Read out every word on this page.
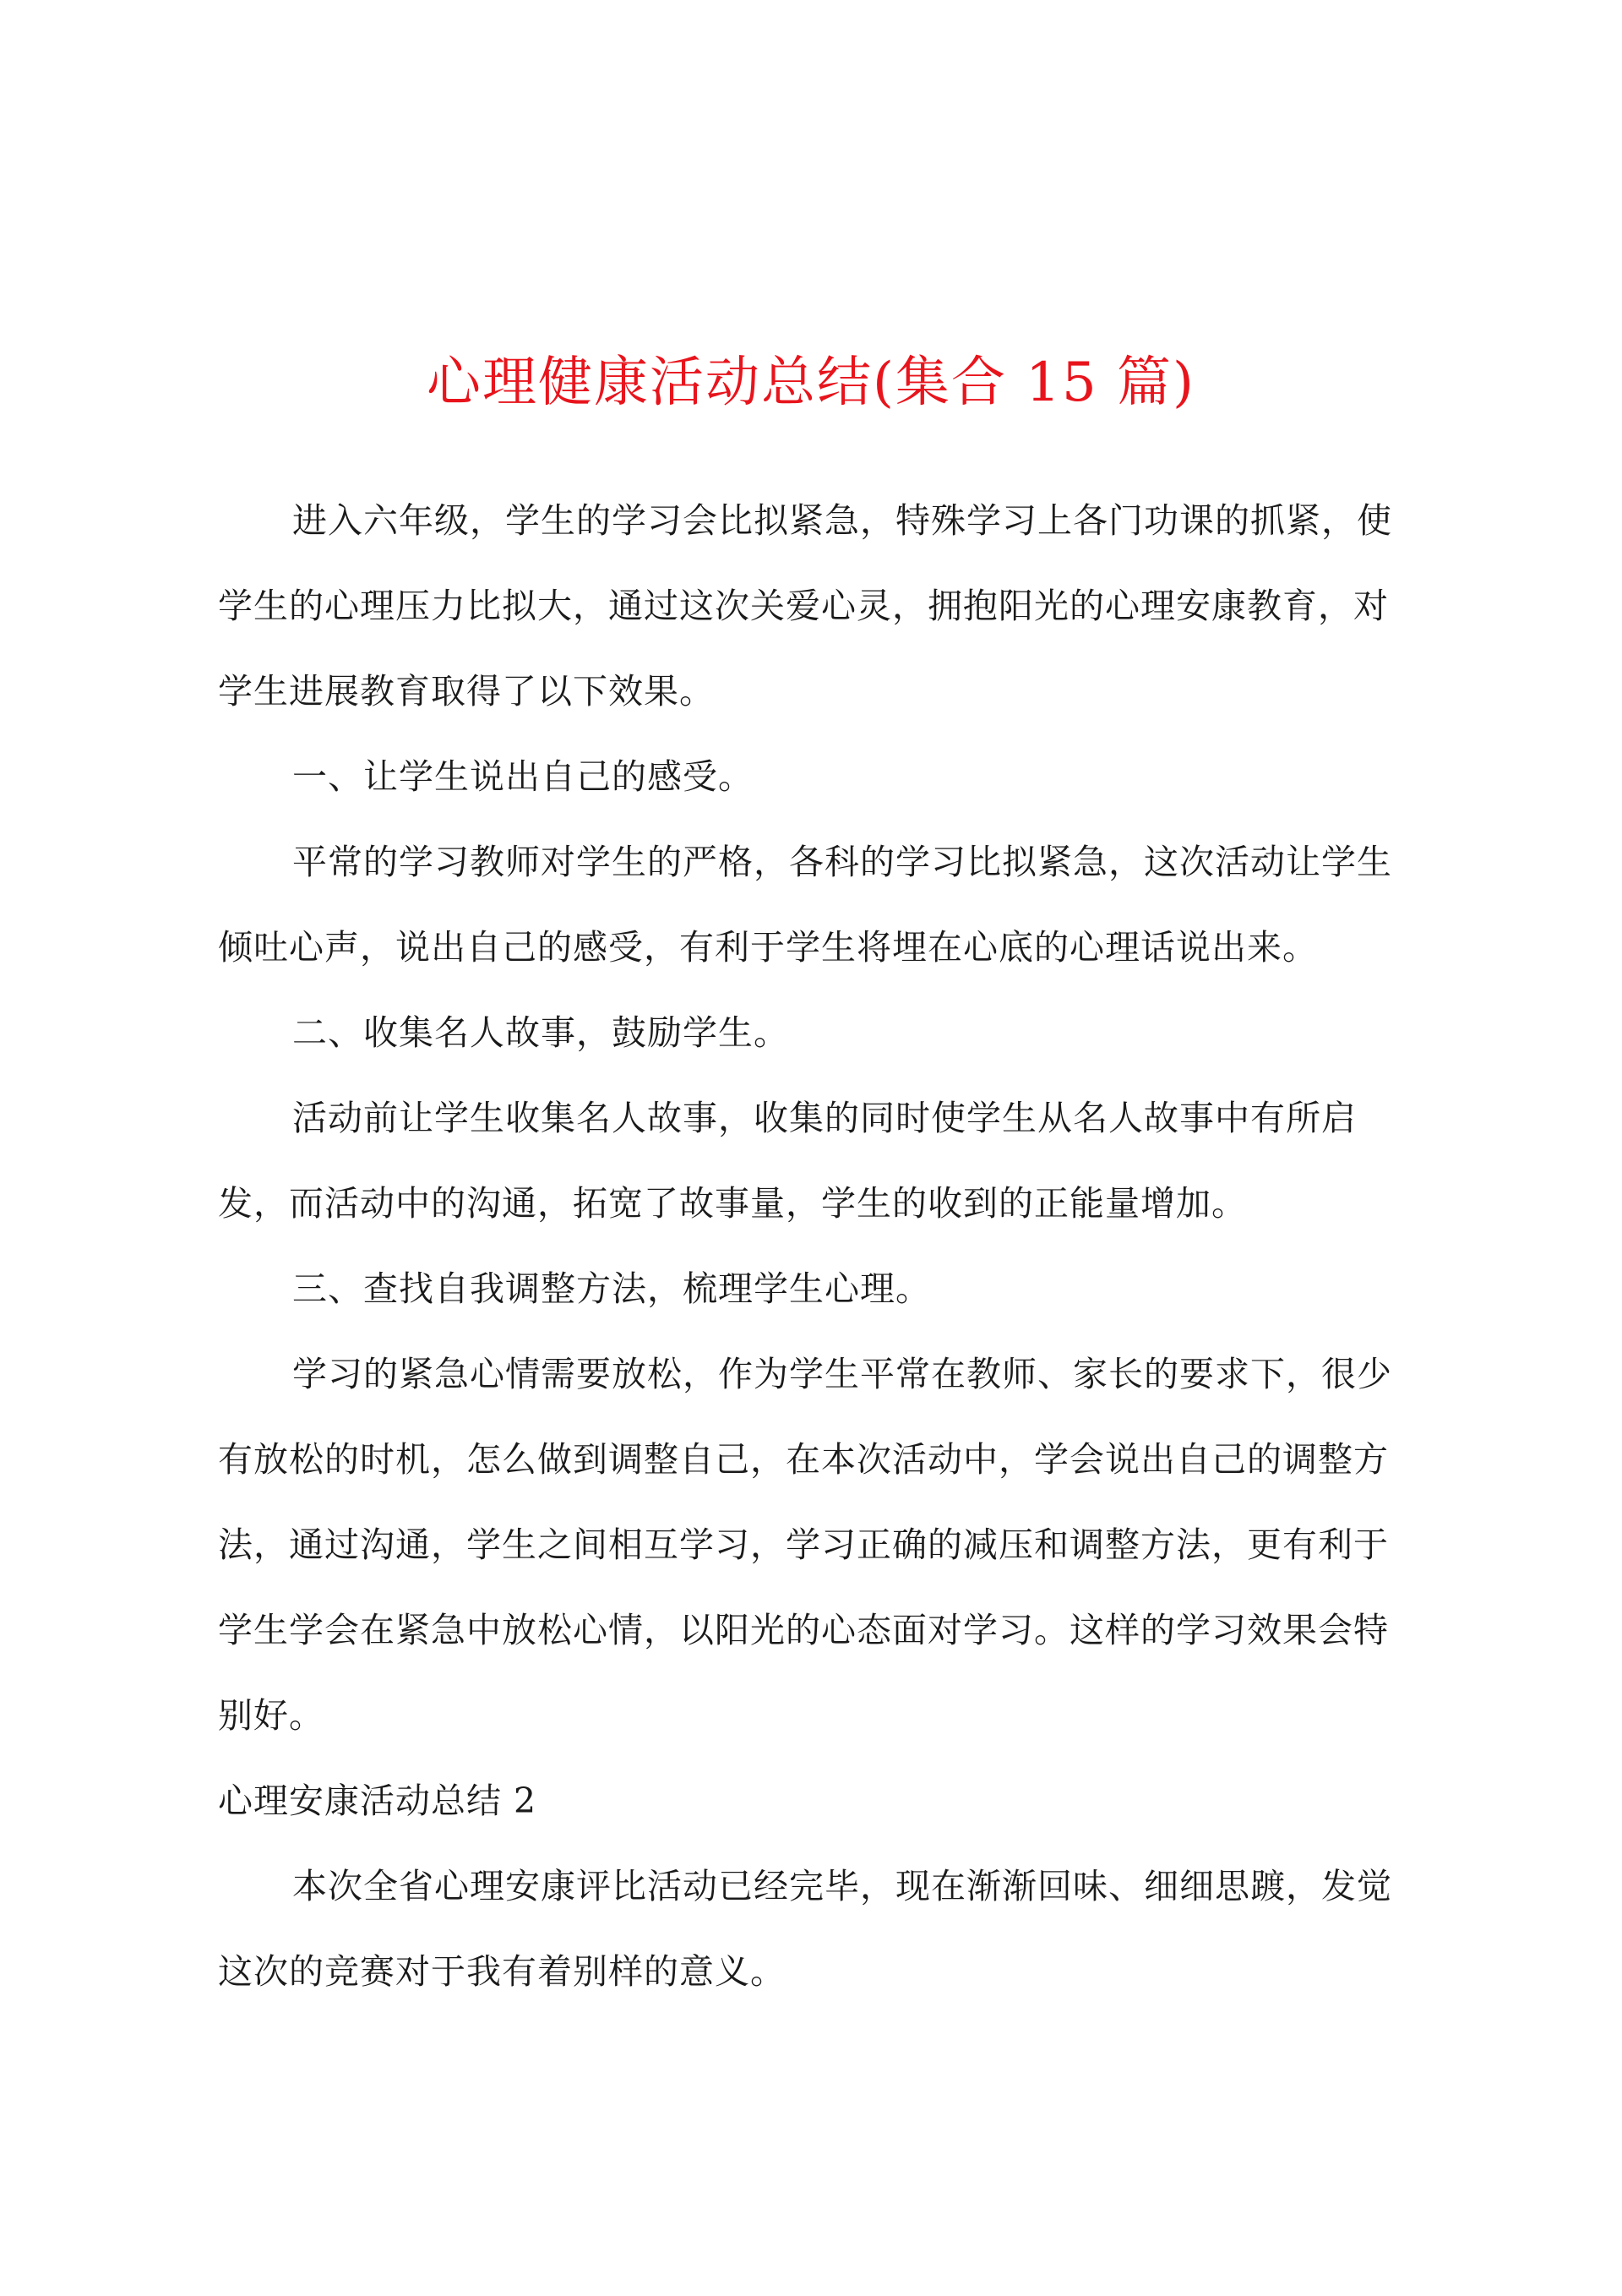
心理健康活动总结(集合 15 篇)

进入六年级，学生的学习会比拟紧急，特殊学习上各门功课的抓紧，使学生的心理压力比拟大，通过这次关爱心灵，拥抱阳光的心理安康教育，对学生进展教育取得了以下效果。

一、让学生说出自己的感受。

平常的学习教师对学生的严格，各科的学习比拟紧急，这次活动让学生倾吐心声，说出自己的感受，有利于学生将埋在心底的心理话说出来。

二、收集名人故事，鼓励学生。

活动前让学生收集名人故事，收集的同时使学生从名人故事中有所启发，而活动中的沟通，拓宽了故事量，学生的收到的正能量增加。

三、查找自我调整方法，梳理学生心理。

学习的紧急心情需要放松，作为学生平常在教师、家长的要求下，很少有放松的时机，怎么做到调整自己，在本次活动中，学会说出自己的调整方法，通过沟通，学生之间相互学习，学习正确的减压和调整方法，更有利于学生学会在紧急中放松心情，以阳光的心态面对学习。这样的学习效果会特别好。

心理安康活动总结 2

本次全省心理安康评比活动已经完毕，现在渐渐回味、细细思踱，发觉这次的竞赛对于我有着别样的意义。
